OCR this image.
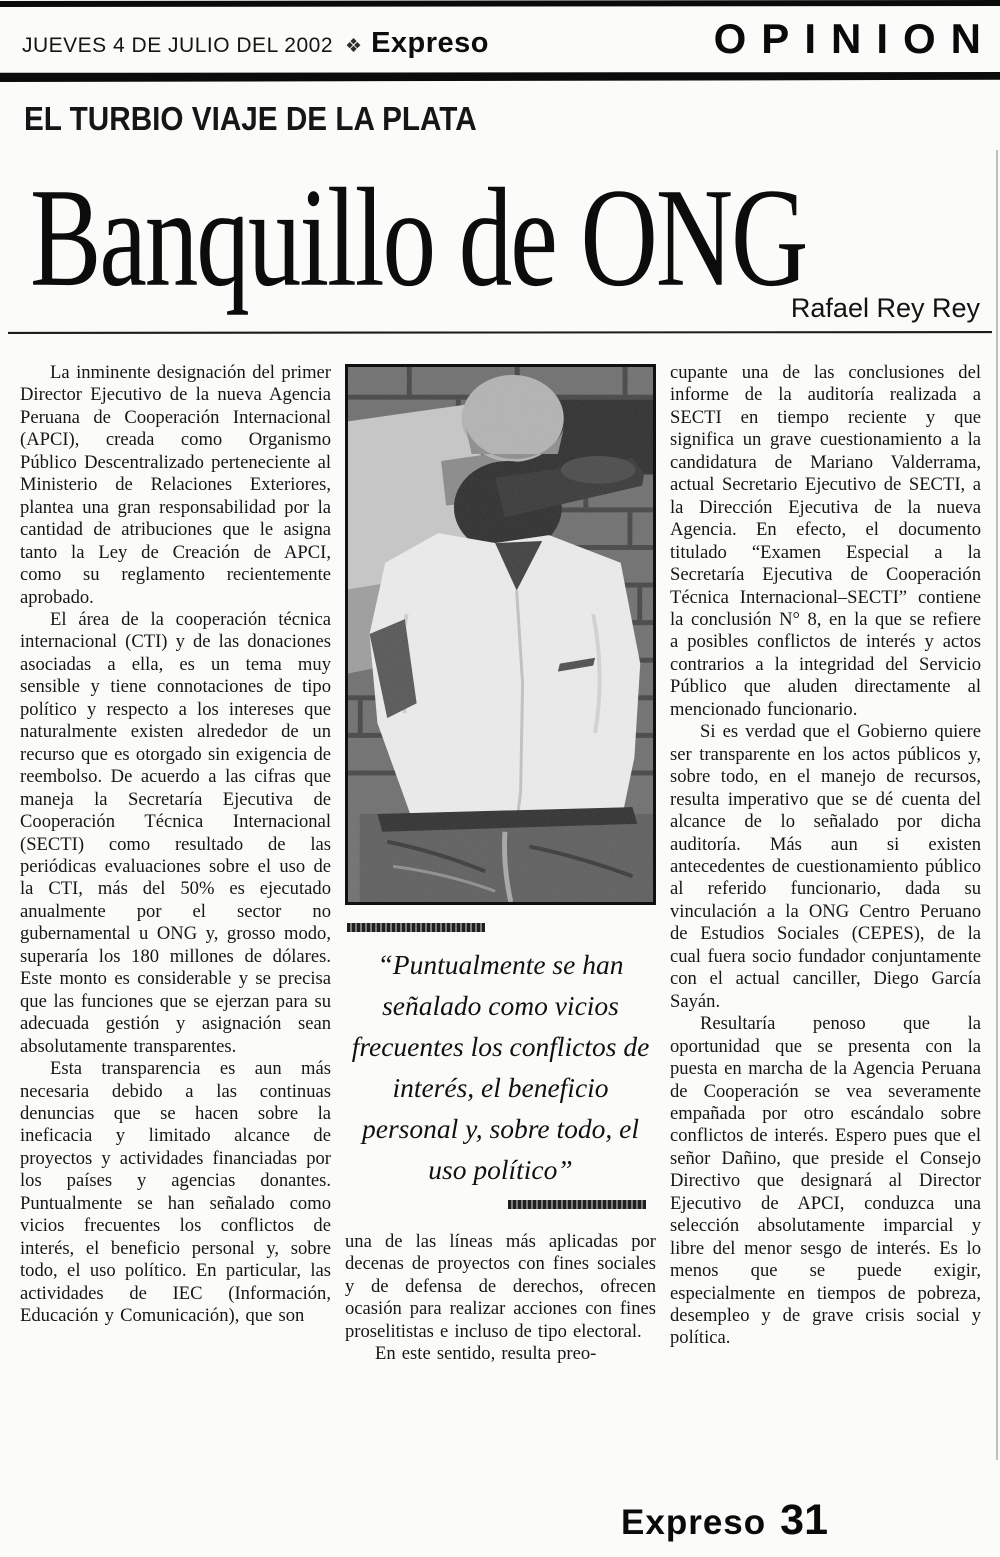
JUEVES 4 DE JULIO DEL 2002 ❖ Expreso	OPINION
EL TURBIO VIAJE DE LA PLATA
Banquillo de ONG
Rafael Rey Rey

La inminente designación del primer Director Ejecutivo de la nueva Agencia Peruana de Cooperación Internacional (APCI), creada como Organismo Público Descentralizado perteneciente al Ministerio de Relaciones Exteriores, plantea una gran responsabilidad por la cantidad de atribuciones que le asigna tanto la Ley de Creación de APCI, como su reglamento recientemente aprobado.

El área de la cooperación técnica internacional (CTI) y de las donaciones asociadas a ella, es un tema muy sensible y tiene connotaciones de tipo político y respecto a los intereses que naturalmente existen alrededor de un recurso que es otorgado sin exigencia de reembolso. De acuerdo a las cifras que maneja la Secretaría Ejecutiva de Cooperación Técnica Internacional (SECTI) como resultado de las periódicas evaluaciones sobre el uso de la CTI, más del 50% es ejecutado anualmente por el sector no gubernamental u ONG y, grosso modo, superaría los 180 millones de dólares. Este monto es considerable y se precisa que las funciones que se ejerzan para su adecuada gestión y asignación sean absolutamente transparentes.

Esta transparencia es aun más necesaria debido a las continuas denuncias que se hacen sobre la ineficacia y limitado alcance de proyectos y actividades financiadas por los países y agencias donantes. Puntualmente se han señalado como vicios frecuentes los conflictos de interés, el beneficio personal y, sobre todo, el uso político. En particular, las actividades de IEC (Información, Educación y Comunicación), que son

“Puntualmente se han señalado como vicios frecuentes los conflictos de interés, el beneficio personal y, sobre todo, el uso político”

una de las líneas más aplicadas por decenas de proyectos con fines sociales y de defensa de derechos, ofrecen ocasión para realizar acciones con fines proselitistas e incluso de tipo electoral.

En este sentido, resulta preo-

cupante una de las conclusiones del informe de la auditoría realizada a SECTI en tiempo reciente y que significa un grave cuestionamiento a la candidatura de Mariano Valderrama, actual Secretario Ejecutivo de SECTI, a la Dirección Ejecutiva de la nueva Agencia. En efecto, el documento titulado “Examen Especial a la Secretaría Ejecutiva de Cooperación Técnica Internacional–SECTI” contiene la conclusión N° 8, en la que se refiere a posibles conflictos de interés y actos contrarios a la integridad del Servicio Público que aluden directamente al mencionado funcionario.

Si es verdad que el Gobierno quiere ser transparente en los actos públicos y, sobre todo, en el manejo de recursos, resulta imperativo que se dé cuenta del alcance de lo señalado por dicha auditoría. Más aun si existen antecedentes de cuestionamiento público al referido funcionario, dada su vinculación a la ONG Centro Peruano de Estudios Sociales (CEPES), de la cual fuera socio fundador conjuntamente con el actual canciller, Diego García Sayán.

Resultaría penoso que la oportunidad que se presenta con la puesta en marcha de la Agencia Peruana de Cooperación se vea severamente empañada por otro escándalo sobre conflictos de interés. Espero pues que el señor Dañino, que preside el Consejo Directivo que designará al Director Ejecutivo de APCI, conduzca una selección absolutamente imparcial y libre del menor sesgo de interés. Es lo menos que se puede exigir, especialmente en tiempos de pobreza, desempleo y de grave crisis social y política.

Expreso 31
